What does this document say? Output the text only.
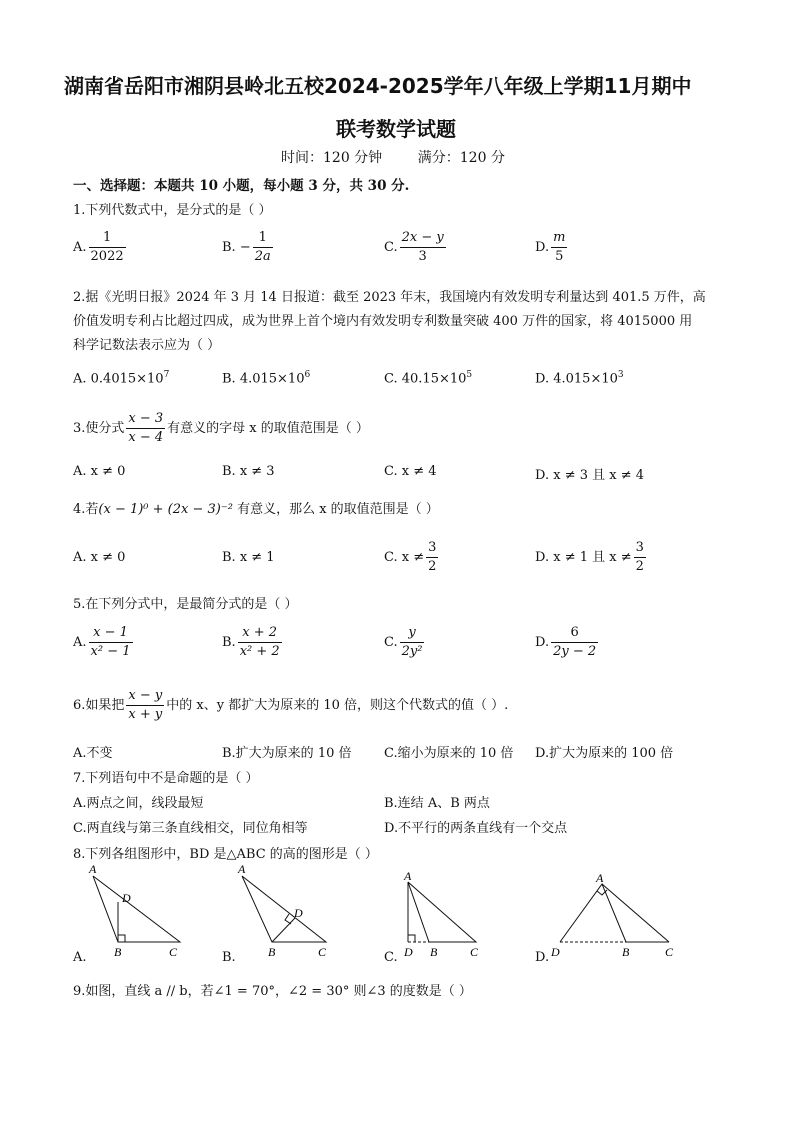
湖南省岳阳市湘阴县岭北五校2024-2025学年八年级上学期11月期中
联考数学试题
时间：120 分钟        满分：120 分
一、选择题：本题共 10 小题，每小题 3 分，共 30 分.
1.下列代数式中，是分式的是（ ）
A. $\frac{1}{2022}$	B. − $\frac{1}{2a}$	C. $\frac{2x - y}{3}$	D. $\frac{m}{5}$
2.据《光明日报》2024 年 3 月 14 日报道：截至 2023 年末，我国境内有效发明专利量达到 401.5 万件，高
价值发明专利占比超过四成，成为世界上首个境内有效发明专利数量突破 400 万件的国家，将 4015000 用
科学记数法表示应为（ ）
A. $0.4015\times 10^7$	B. $4.015\times 10^6$	C. $40.15\times 10^5$	D. $4.015\times 10^3$
3.使分式 $\frac{x - 3}{x - 4}$ 有意义的字母 x 的取值范围是（ ）
A. x ≠ 0	B. x ≠ 3	C. x ≠ 4	D. x ≠ 3 且 x ≠ 4
4.若(x − 1)⁰ + (2x − 3)⁻² 有意义，那么 x 的取值范围是（ ）
A. x ≠ 0	B. x ≠ 1	C. $x \ne \frac{3}{2}$	D. x ≠ 1 且 $x \ne \frac{3}{2}$
5.在下列分式中，是最简分式的是（ ）
A. $\frac{x - 1}{\text{x² − 1}}$	B. $\frac{x + 2}{\text{x² + 2}}$	C. $\frac{y}{\text{2y²}}$	D. $\frac{6}{2y - 2}$
6.如果把 $\frac{x - y}{x + y}$ 中的 x、y 都扩大为原来的 10 倍，则这个代数式的值（ ）.
A.不变	B.扩大为原来的 10 倍	C.缩小为原来的 10 倍 D.扩大为原来的 100 倍
7.下列语句中不是命题的是（ ）
A.两点之间，线段最短	B.连结 A、B 两点
C.两直线与第三条直线相交，同位角相等	D.不平行的两条直线有一个交点
8.下列各组图形中，BD 是△ABC 的高的图形是（ ）
A.	B.	C.	D.
A
D
B	C
A
D
B	C
A
D B	C
A
D	B	C
9.如图，直线 a // b，若∠1 = 70°，∠2 = 30° 则∠3 的度数是（ ）
